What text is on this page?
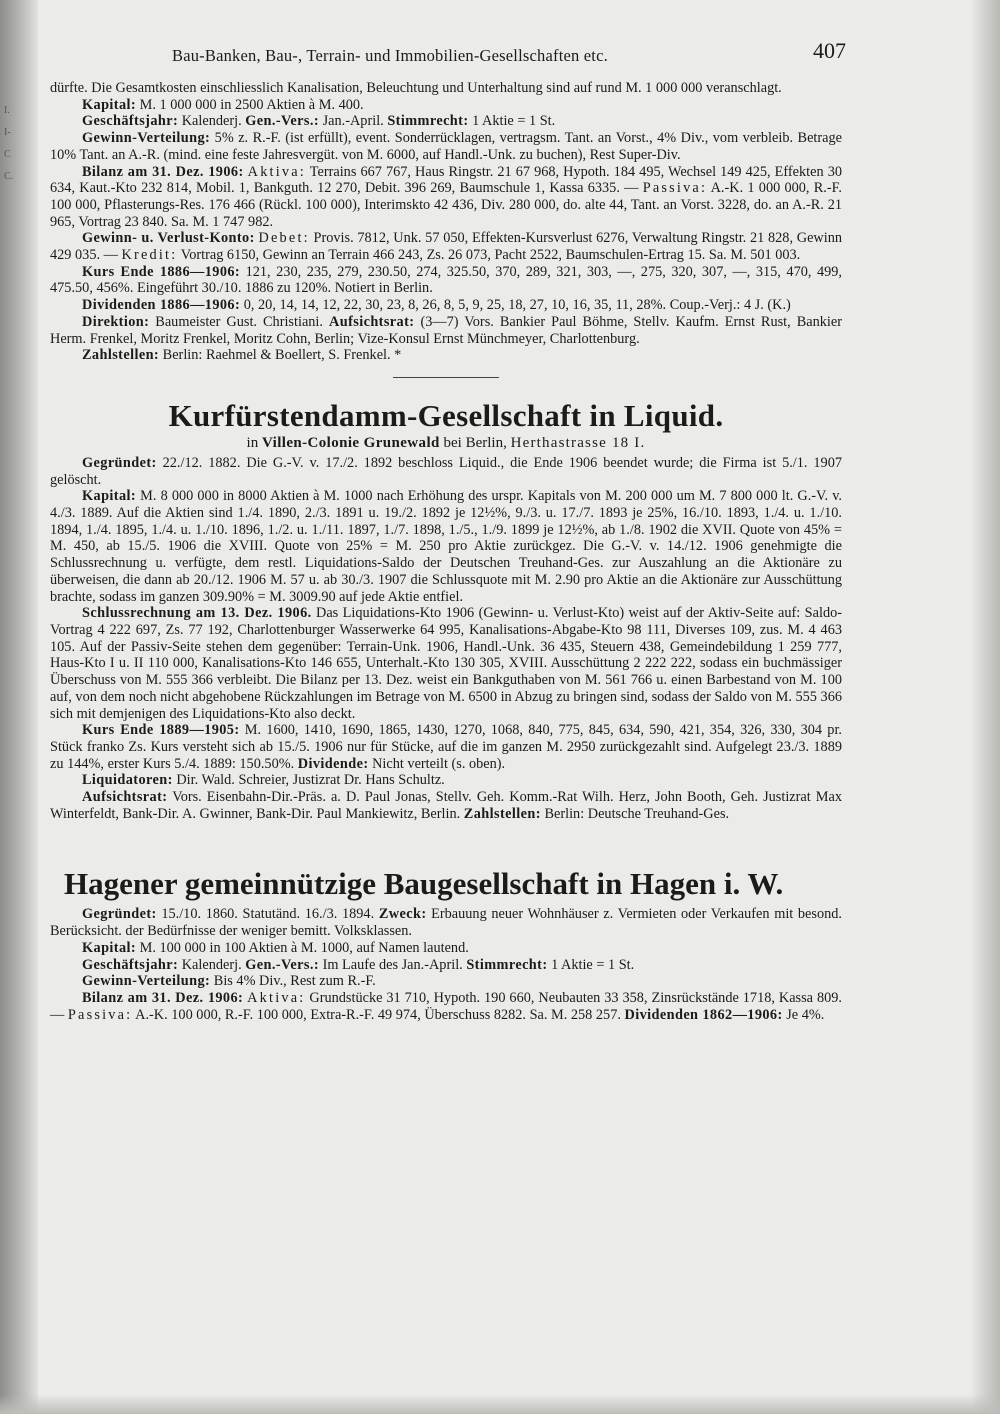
I.
I-
C
C.
Bau-Banken, Bau-, Terrain- und Immobilien-Gesellschaften etc.	407

dürfte. Die Gesamtkosten einschliesslich Kanalisation, Beleuchtung und Unterhaltung sind auf rund M. 1 000 000 veranschlagt.

Kapital: M. 1 000 000 in 2500 Aktien à M. 400.

Geschäftsjahr: Kalenderj. Gen.-Vers.: Jan.-April. Stimmrecht: 1 Aktie = 1 St.

Gewinn-Verteilung: 5% z. R.-F. (ist erfüllt), event. Sonderrücklagen, vertragsm. Tant. an Vorst., 4% Div., vom verbleib. Betrage 10% Tant. an A.-R. (mind. eine feste Jahresvergüt. von M. 6000, auf Handl.-Unk. zu buchen), Rest Super-Div.

Bilanz am 31. Dez. 1906: Aktiva: Terrains 667 767, Haus Ringstr. 21 67 968, Hypoth. 184 495, Wechsel 149 425, Effekten 30 634, Kaut.-Kto 232 814, Mobil. 1, Bankguth. 12 270, Debit. 396 269, Baumschule 1, Kassa 6335. — Passiva: A.-K. 1 000 000, R.-F. 100 000, Pflasterungs-Res. 176 466 (Rückl. 100 000), Interimskto 42 436, Div. 280 000, do. alte 44, Tant. an Vorst. 3228, do. an A.-R. 21 965, Vortrag 23 840. Sa. M. 1 747 982.

Gewinn- u. Verlust-Konto: Debet: Provis. 7812, Unk. 57 050, Effekten-Kursverlust 6276, Verwaltung Ringstr. 21 828, Gewinn 429 035. — Kredit: Vortrag 6150, Gewinn an Terrain 466 243, Zs. 26 073, Pacht 2522, Baumschulen-Ertrag 15. Sa. M. 501 003.

Kurs Ende 1886—1906: 121, 230, 235, 279, 230.50, 274, 325.50, 370, 289, 321, 303, —, 275, 320, 307, —, 315, 470, 499, 475.50, 456%. Eingeführt 30./10. 1886 zu 120%. Notiert in Berlin.

Dividenden 1886—1906: 0, 20, 14, 14, 12, 22, 30, 23, 8, 26, 8, 5, 9, 25, 18, 27, 10, 16, 35, 11, 28%. Coup.-Verj.: 4 J. (K.)

Direktion: Baumeister Gust. Christiani. Aufsichtsrat: (3—7) Vors. Bankier Paul Böhme, Stellv. Kaufm. Ernst Rust, Bankier Herm. Frenkel, Moritz Frenkel, Moritz Cohn, Berlin; Vize-Konsul Ernst Münchmeyer, Charlottenburg.

Zahlstellen: Berlin: Raehmel & Boellert, S. Frenkel. *

Kurfürstendamm-Gesellschaft in Liquid.
in Villen-Colonie Grunewald bei Berlin, Herthastrasse 18 I.

Gegründet: 22./12. 1882. Die G.-V. v. 17./2. 1892 beschloss Liquid., die Ende 1906 beendet wurde; die Firma ist 5./1. 1907 gelöscht.

Kapital: M. 8 000 000 in 8000 Aktien à M. 1000 nach Erhöhung des urspr. Kapitals von M. 200 000 um M. 7 800 000 lt. G.-V. v. 4./3. 1889. Auf die Aktien sind 1./4. 1890, 2./3. 1891 u. 19./2. 1892 je 12½%, 9./3. u. 17./7. 1893 je 25%, 16./10. 1893, 1./4. u. 1./10. 1894, 1./4. 1895, 1./4. u. 1./10. 1896, 1./2. u. 1./11. 1897, 1./7. 1898, 1./5., 1./9. 1899 je 12½%, ab 1./8. 1902 die XVII. Quote von 45% = M. 450, ab 15./5. 1906 die XVIII. Quote von 25% = M. 250 pro Aktie zurückgez. Die G.-V. v. 14./12. 1906 genehmigte die Schlussrechnung u. verfügte, dem restl. Liquidations-Saldo der Deutschen Treuhand-Ges. zur Auszahlung an die Aktionäre zu überweisen, die dann ab 20./12. 1906 M. 57 u. ab 30./3. 1907 die Schlussquote mit M. 2.90 pro Aktie an die Aktionäre zur Ausschüttung brachte, sodass im ganzen 309.90% = M. 3009.90 auf jede Aktie entfiel.

Schlussrechnung am 13. Dez. 1906. Das Liquidations-Kto 1906 (Gewinn- u. Verlust-Kto) weist auf der Aktiv-Seite auf: Saldo-Vortrag 4 222 697, Zs. 77 192, Charlottenburger Wasserwerke 64 995, Kanalisations-Abgabe-Kto 98 111, Diverses 109, zus. M. 4 463 105. Auf der Passiv-Seite stehen dem gegenüber: Terrain-Unk. 1906, Handl.-Unk. 36 435, Steuern 438, Gemeindebildung 1 259 777, Haus-Kto I u. II 110 000, Kanalisations-Kto 146 655, Unterhalt.-Kto 130 305, XVIII. Ausschüttung 2 222 222, sodass ein buchmässiger Überschuss von M. 555 366 verbleibt. Die Bilanz per 13. Dez. weist ein Bankguthaben von M. 561 766 u. einen Barbestand von M. 100 auf, von dem noch nicht abgehobene Rückzahlungen im Betrage von M. 6500 in Abzug zu bringen sind, sodass der Saldo von M. 555 366 sich mit demjenigen des Liquidations-Kto also deckt.

Kurs Ende 1889—1905: M. 1600, 1410, 1690, 1865, 1430, 1270, 1068, 840, 775, 845, 634, 590, 421, 354, 326, 330, 304 pr. Stück franko Zs. Kurs versteht sich ab 15./5. 1906 nur für Stücke, auf die im ganzen M. 2950 zurückgezahlt sind. Aufgelegt 23./3. 1889 zu 144%, erster Kurs 5./4. 1889: 150.50%. Dividende: Nicht verteilt (s. oben).

Liquidatoren: Dir. Wald. Schreier, Justizrat Dr. Hans Schultz.

Aufsichtsrat: Vors. Eisenbahn-Dir.-Präs. a. D. Paul Jonas, Stellv. Geh. Komm.-Rat Wilh. Herz, John Booth, Geh. Justizrat Max Winterfeldt, Bank-Dir. A. Gwinner, Bank-Dir. Paul Mankiewitz, Berlin. Zahlstellen: Berlin: Deutsche Treuhand-Ges.

Hagener gemeinnützige Baugesellschaft in Hagen i. W.

Gegründet: 15./10. 1860. Statutänd. 16./3. 1894. Zweck: Erbauung neuer Wohnhäuser z. Vermieten oder Verkaufen mit besond. Berücksicht. der Bedürfnisse der weniger bemitt. Volksklassen.

Kapital: M. 100 000 in 100 Aktien à M. 1000, auf Namen lautend.

Geschäftsjahr: Kalenderj. Gen.-Vers.: Im Laufe des Jan.-April. Stimmrecht: 1 Aktie = 1 St.

Gewinn-Verteilung: Bis 4% Div., Rest zum R.-F.

Bilanz am 31. Dez. 1906: Aktiva: Grundstücke 31 710, Hypoth. 190 660, Neubauten 33 358, Zinsrückstände 1718, Kassa 809. — Passiva: A.-K. 100 000, R.-F. 100 000, Extra-R.-F. 49 974, Überschuss 8282. Sa. M. 258 257. Dividenden 1862—1906: Je 4%.
